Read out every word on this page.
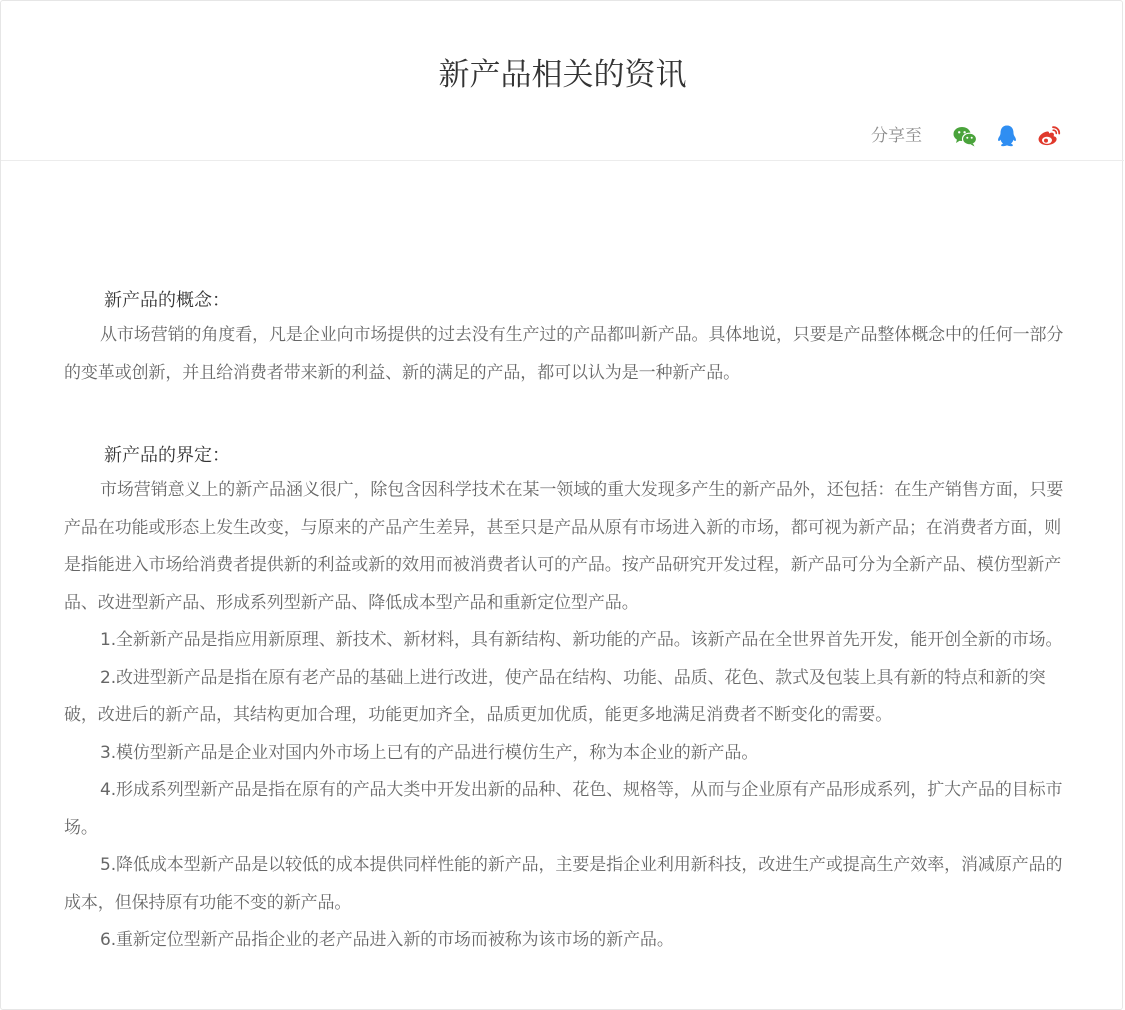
新产品相关的资讯
分享至
新产品的概念：

从市场营销的角度看，凡是企业向市场提供的过去没有生产过的产品都叫新产品。具体地说，只要是产品整体概念中的任何一部分的变革或创新，并且给消费者带来新的利益、新的满足的产品，都可以认为是一种新产品。

新产品的界定：

市场营销意义上的新产品涵义很广，除包含因科学技术在某一领域的重大发现多产生的新产品外，还包括：在生产销售方面，只要产品在功能或形态上发生改变，与原来的产品产生差异，甚至只是产品从原有市场进入新的市场，都可视为新产品；在消费者方面，则是指能进入市场给消费者提供新的利益或新的效用而被消费者认可的产品。按产品研究开发过程，新产品可分为全新产品、模仿型新产品、改进型新产品、形成系列型新产品、降低成本型产品和重新定位型产品。

1.全新新产品是指应用新原理、新技术、新材料，具有新结构、新功能的产品。该新产品在全世界首先开发，能开创全新的市场。

2.改进型新产品是指在原有老产品的基础上进行改进，使产品在结构、功能、品质、花色、款式及包装上具有新的特点和新的突破，改进后的新产品，其结构更加合理，功能更加齐全，品质更加优质，能更多地满足消费者不断变化的需要。

3.模仿型新产品是企业对国内外市场上已有的产品进行模仿生产，称为本企业的新产品。

4.形成系列型新产品是指在原有的产品大类中开发出新的品种、花色、规格等，从而与企业原有产品形成系列，扩大产品的目标市场。

5.降低成本型新产品是以较低的成本提供同样性能的新产品，主要是指企业利用新科技，改进生产或提高生产效率，消减原产品的成本，但保持原有功能不变的新产品。

6.重新定位型新产品指企业的老产品进入新的市场而被称为该市场的新产品。
